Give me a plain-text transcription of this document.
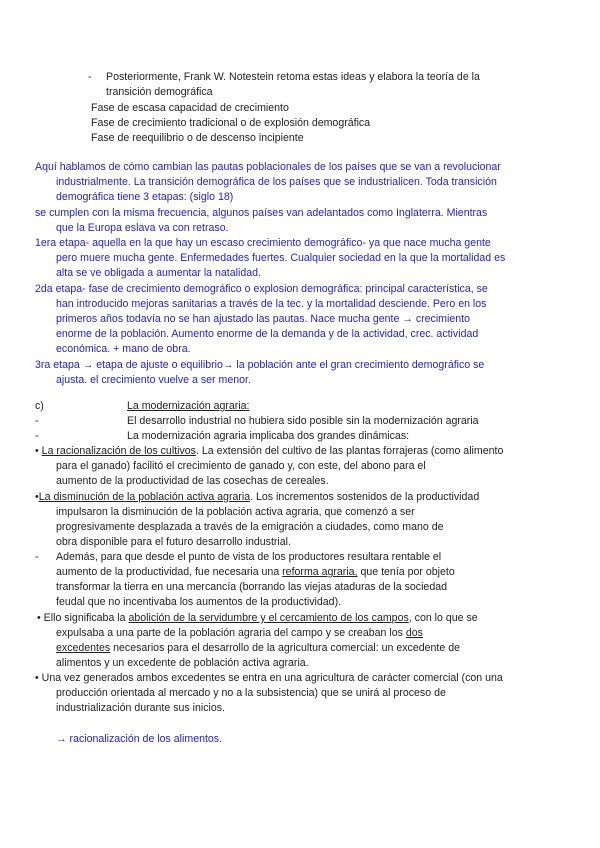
- Posteriormente, Frank W. Notestein retoma estas ideas y elabora la teoría de la
transición demográfica
Fase de escasa capacidad de crecimiento
Fase de crecimiento tradicional o de explosión demográfica
Fase de reequilibrio o de descenso incipiente
Aquí hablamos de cómo cambian las pautas poblacionales de los países que se van a revolucionar
industrialmente. La transición demográfica de los países que se industrialicen. Toda transición
demográfica tiene 3 etapas: (siglo 18)
se cumplen con la misma frecuencia, algunos países van adelantados como Inglaterra. Mientras
que la Europa eslava va con retraso.
1era etapa- aquella en la que hay un escaso crecimiento demográfico- ya que nace mucha gente
pero muere mucha gente. Enfermedades fuertes. Cualquier sociedad en la que la mortalidad es
alta se ve obligada a aumentar la natalidad.
2da etapa- fase de crecimiento demográfico o explosion demográfica: principal característica, se
han introducido mejoras sanitarias a través de la tec. y la mortalidad desciende. Pero en los
primeros años todavía no se han ajustado las pautas. Nace mucha gente → crecimiento
enorme de la población. Aumento enorme de la demanda y de la actividad, crec. actividad
económica. + mano de obra.
3ra etapa → etapa de ajuste o equilibrio→ la población ante el gran crecimiento demográfico se
ajusta. el crecimiento vuelve a ser menor.
c)	La modernización agraria:
-	El desarrollo industrial no hubiera sido posible sin la modernización agraria
-	La modernización agraria implicaba dos grandes dinámicas:
• La racionalización de los cultivos. La extensión del cultivo de las plantas forrajeras (como alimento
para el ganado) facilitó el crecimiento de ganado y, con este, del abono para el
aumento de la productividad de las cosechas de cereales.
•La disminución de la población activa agraria. Los incrementos sostenidos de la productividad
impulsaron la disminución de la población activa agraria, que comenzó a ser
progresivamente desplazada a través de la emigración a ciudades, como mano de
obra disponible para el futuro desarrollo industrial.
- Además, para que desde el punto de vista de los productores resultara rentable el
aumento de la productividad, fue necesaria una reforma agraria, que tenía por objeto
transformar la tierra en una mercancía (borrando las viejas ataduras de la sociedad
feudal que no incentivaba los aumentos de la productividad).
• Ello significaba la abolición de la servidumbre y el cercamiento de los campos, con lo que se
expulsaba a una parte de la población agraria del campo y se creaban los dos
excedentes necesarios para el desarrollo de la agricultura comercial: un excedente de
alimentos y un excedente de población activa agraria.
• Una vez generados ambos excedentes se entra en una agricultura de carácter comercial (con una
producción orientada al mercado y no a la subsistencia) que se unirá al proceso de
industrialización durante sus inicios.
→ racionalización de los alimentos.
